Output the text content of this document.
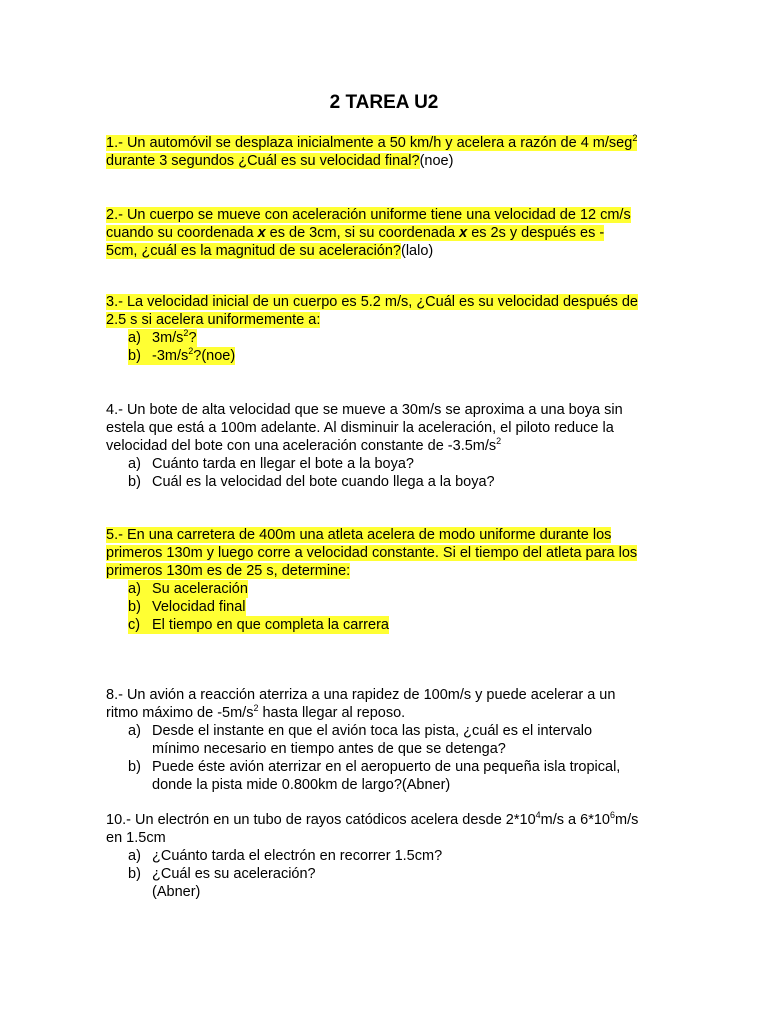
2 TAREA U2
1.- Un automóvil se desplaza inicialmente a 50 km/h y acelera a razón de 4 m/seg$^2$
durante 3 segundos ¿Cuál es su velocidad final?(noe)
2.- Un cuerpo se mueve con aceleración uniforme tiene una velocidad de 12 cm/s
cuando su coordenada x es de 3cm, si su coordenada x es 2s y después es -
5cm, ¿cuál es la magnitud de su aceleración?(lalo)
3.- La velocidad inicial de un cuerpo es 5.2 m/s, ¿Cuál es su velocidad después de
2.5 s si acelera uniformemente a:
a) $3m/s^2$?
b) $-3m/s^2?(noe)$
4.- Un bote de alta velocidad que se mueve a 30m/s se aproxima a una boya sin
estela que está a 100m adelante. Al disminuir la aceleración, el piloto reduce la
velocidad del bote con una aceleración constante de $-3.5m/s^2$
a) Cuánto tarda en llegar el bote a la boya?
b) Cuál es la velocidad del bote cuando llega a la boya?
5.- En una carretera de 400m una atleta acelera de modo uniforme durante los
primeros 130m y luego corre a velocidad constante. Si el tiempo del atleta para los
primeros 130m es de 25 s, determine:
a) Su aceleración
b) Velocidad final
c) El tiempo en que completa la carrera
8.- Un avión a reacción aterriza a una rapidez de 100m/s y puede acelerar a un
ritmo máximo de $-5m/s^2$ hasta llegar al reposo.
a) Desde el instante en que el avión toca las pista, ¿cuál es el intervalo
mínimo necesario en tiempo antes de que se detenga?
b) Puede éste avión aterrizar en el aeropuerto de una pequeña isla tropical,
donde la pista mide 0.800km de largo?(Abner)
10.- Un electrón en un tubo de rayos catódicos acelera desde $2*10^4m/s$ a $6*10^6m/s$
en 1.5cm
a) ¿Cuánto tarda el electrón en recorrer 1.5cm?
b) ¿Cuál es su aceleración?
(Abner)
